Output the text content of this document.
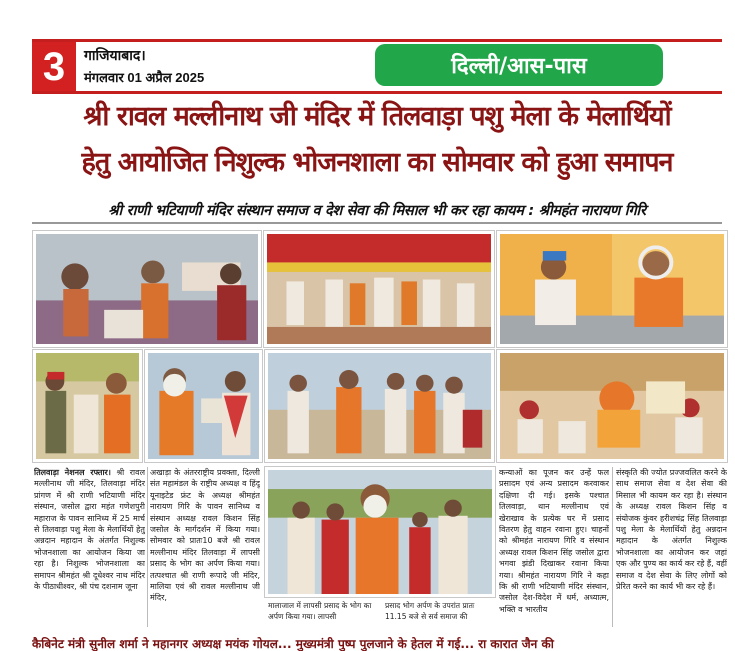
3	गाजियाबाद।
मंगलवार 01 अप्रैल 2025	दिल्ली/आस-पास
श्री रावल मल्लीनाथ जी मंदिर में तिलवाड़ा पशु मेला के मेलार्थियों
हेतु आयोजित निशुल्क भोजनशाला का सोमवार को हुआ समापन
श्री राणी भटियाणी मंदिर संस्थान समाज व देश सेवा की मिसाल भी कर रहा कायम : श्रीमहंत नारायण गिरि
तिलवाड़ा नेशनल रफ्तार। श्री रावल मल्लीनाथ जी मंदिर, तिलवाड़ा मंदिर प्रांगण में श्री राणी भटियाणी मंदिर संस्थान, जसोल द्वारा महंत गणेशपुरी महाराज के पावन सानिध्य में 25 मार्च से तिलवाड़ा पशु मेला के मेलार्थियों हेतु अन्नदान महादान के अंतर्गत निशुल्क भोजनशाला का आयोजन किया जा रहा है। निशुल्क भोजनशाला का समापन श्रीमहंत श्री दूधेश्वर नाथ मंदिर के पीठाधीश्वर, श्री पंच दशनाम जूना
अखाड़ा के अंतरराष्ट्रीय प्रवक्ता, दिल्ली संत महामंडल के राष्ट्रीय अध्यक्ष व हिंदू यूनाइटेड फ्रंट के अध्यक्ष श्रीमहंत नारायण गिरि के पावन सानिध्य व संस्थान अध्यक्ष रावल किशन सिंह जसोल के मार्गदर्शन में किया गया। सोमवार को प्रातः10 बजे श्री रावल मल्लीनाथ मंदिर तिलवाड़ा में लापसी प्रसाद के भोग का अर्पण किया गया। तत्पश्चात श्री राणी रूपादे जी मंदिर, मालिया एवं श्री रावल मल्लीनाथ जी मंदिर,
मालाजाल में लापसी प्रसाद के भोग का अर्पण किया गया। लापसी
प्रसाद भोग अर्पण के उपरांत प्रातः 11.15 बजे से सर्व समाज की
कन्याओं का पूजन कर उन्हें फल प्रसादम एवं अन्य प्रसादम करवाकर दक्षिणा दी गई। इसके पश्चात तिलवाड़ा, थान मल्लीनाथ एवं खेराखाव के प्रत्येक घर में प्रसाद वितरण हेतु वाहन रवाना हुए। चाहनों को श्रीमहंत नारायण गिरि व संस्थान अध्यक्ष रावल किशन सिंह जसोल द्वारा भगवा झंडी दिखाकर रवाना किया गया। श्रीमहंत नारायण गिरि ने कहा कि श्री राणी भटियाणी मंदिर संस्थान, जसोल देश-विदेश में धर्म, अध्यात्म, भक्ति व भारतीय
संस्कृति की ज्योत प्रज्जवलित करने के साथ समाज सेवा व देश सेवा की मिसाल भी कायम कर रहा है। संस्थान के अध्यक्ष रावल किशन सिंह व संयोजक कुंवर हरीशचंद्र सिंह तिलवाड़ा पशु मेला के मेलार्थियों हेतु अन्नदान महादान के अंतर्गत निशुल्क भोजनशाला का आयोजन कर जहां एक और पुण्य का कार्य कर रहे हैं, वहीं समाज व देश सेवा के लिए लोगों को प्रेरित करने का कार्य भी कर रहे हैं।
कैबिनेट मंत्री सुनील शर्मा ने महानगर अध्यक्ष मयंक गोयल... मुख्यमंत्री पुष्प पुलजाने के हेतल में गई... रा कारात जैन की
